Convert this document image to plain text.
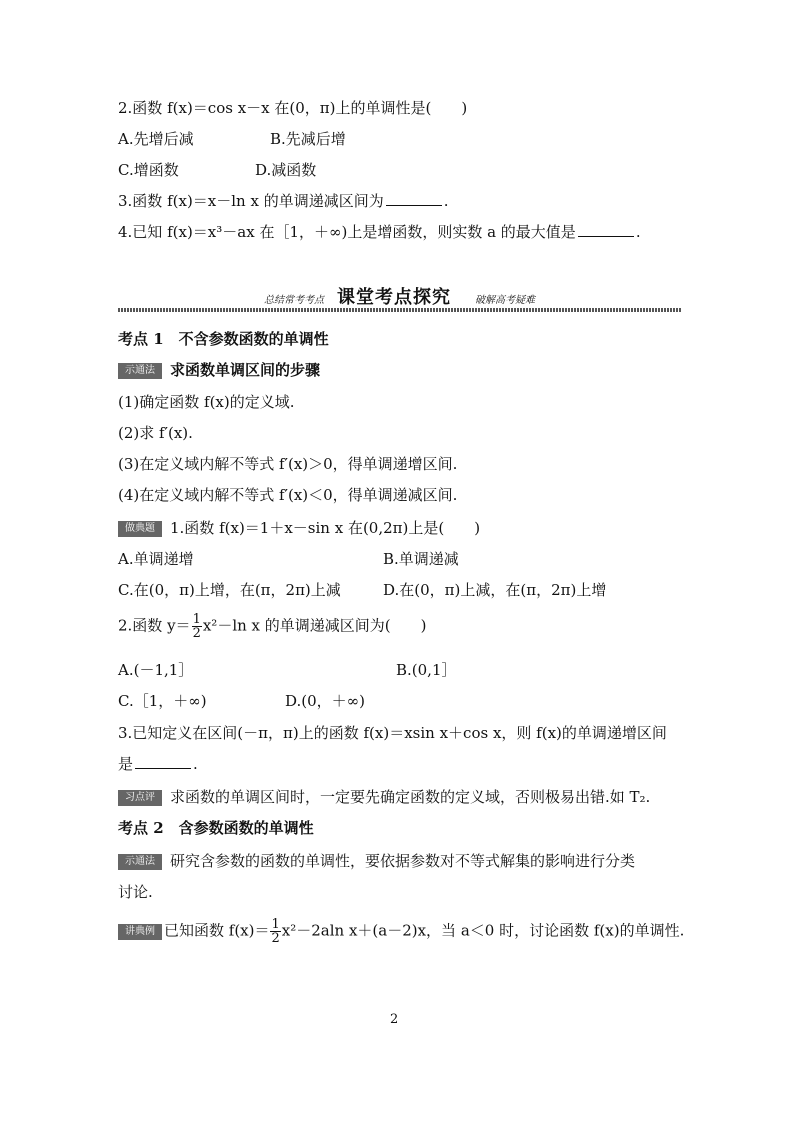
2.函数 f(x)＝cos x－x 在(0，π)上的单调性是(　　)
A.先增后减	B.先减后增
C.增函数	D.减函数
3.函数 f(x)＝x－ln x 的单调递减区间为	.
4.已知 f(x)＝x³－ax 在［1，＋∞)上是增函数，则实数 a 的最大值是	.
总结常考考点 课堂考点探究 破解高考疑难
考点 1　不含参数函数的单调性
示通法 求函数单调区间的步骤
(1)确定函数 f(x)的定义域.
(2)求 f′(x).
(3)在定义域内解不等式 f′(x)＞0，得单调递增区间.
(4)在定义域内解不等式 f′(x)＜0，得单调递减区间.
做典题 1.函数 f(x)＝1＋x－sin x 在(0,2π)上是(　　)
A.单调递增	B.单调递减
C.在(0，π)上增，在(π，2π)上减	D.在(0，π)上减，在(π，2π)上增
2.函数 $y= \frac{1}{2} x^2-\ln$ x 的单调递减区间为(　　)
A.(－1,1］	B.(0,1］
C.［1，＋∞)	D.(0，＋∞)
3.已知定义在区间(－π，π)上的函数 f(x)＝xsin x＋cos x，则 f(x)的单调递增区间
是	.
习点评 求函数的单调区间时，一定要先确定函数的定义域，否则极易出错.如 T₂.
考点 2　含参数函数的单调性
示通法 研究含参数的函数的单调性，要依据参数对不等式解集的影响进行分类
讨论.
讲典例 已知函数 $f(x)= \frac{1}{2} x^2-2aln$ x＋(a－2)x，当 a＜0 时，讨论函数 f(x)的单调性.
2
